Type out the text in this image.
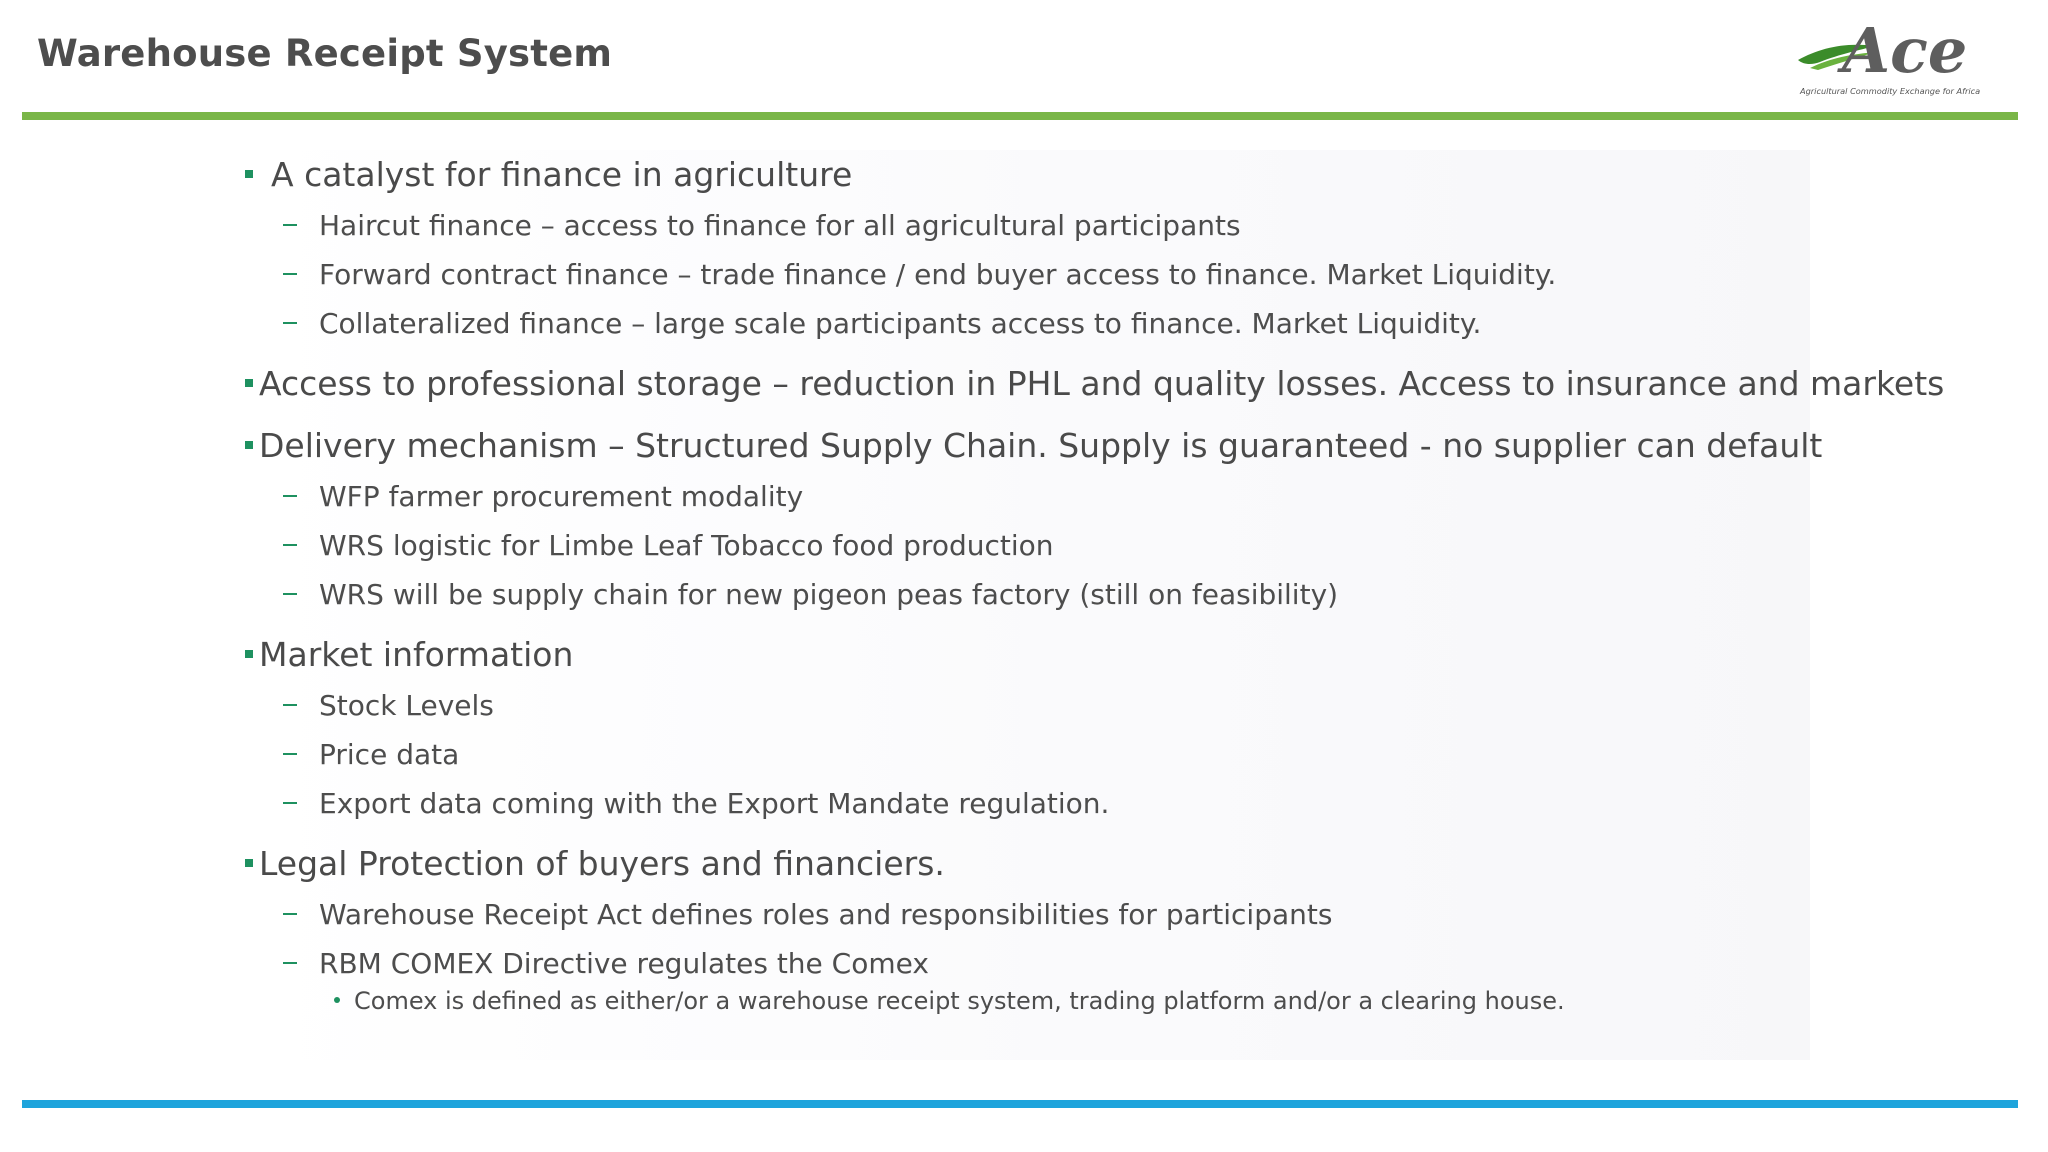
Warehouse Receipt System	Ace
Agricultural Commodity Exchange for Africa
A catalyst for finance in agriculture
Haircut finance – access to finance for all agricultural participants
Forward contract finance – trade finance / end buyer access to finance. Market Liquidity.
Collateralized finance – large scale participants access to finance. Market Liquidity.
Access to professional storage – reduction in PHL and quality losses. Access to insurance and markets
Delivery mechanism – Structured Supply Chain. Supply is guaranteed - no supplier can default
WFP farmer procurement modality
WRS logistic for Limbe Leaf Tobacco food production
WRS will be supply chain for new pigeon peas factory (still on feasibility)
Market information
Stock Levels
Price data
Export data coming with the Export Mandate regulation.
Legal Protection of buyers and financiers.
Warehouse Receipt Act defines roles and responsibilities for participants
RBM COMEX Directive regulates the Comex
Comex is defined as either/or a warehouse receipt system, trading platform and/or a clearing house.
